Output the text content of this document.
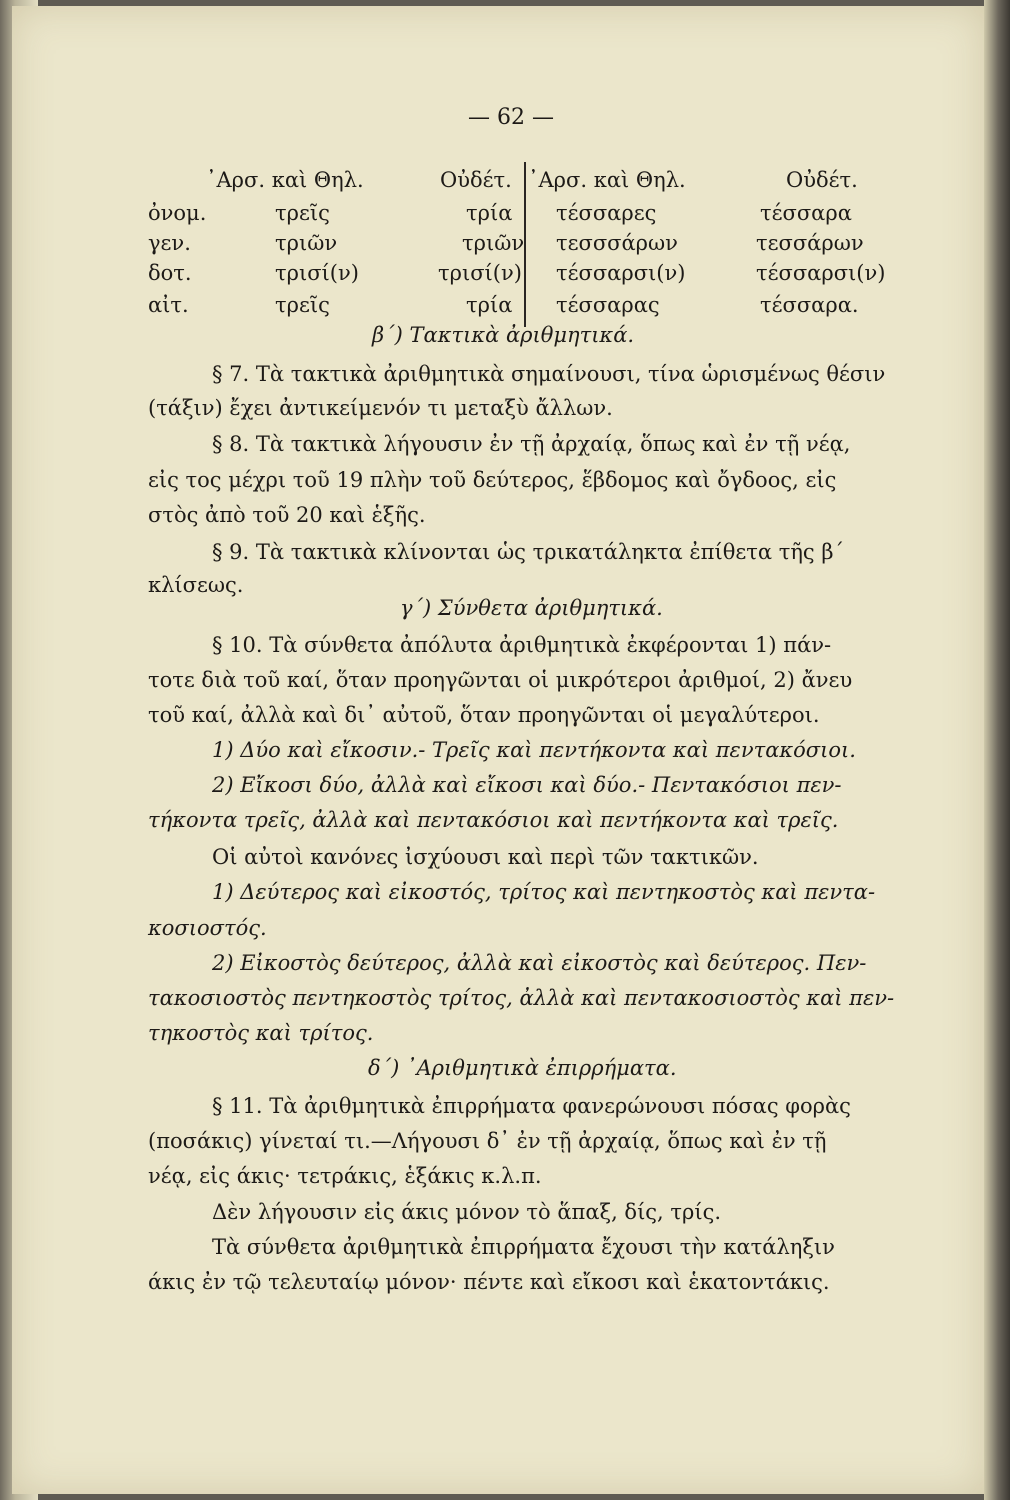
— 62 —
᾿Αρσ. καὶ Θηλ.	Οὐδέτ. ᾿Αρσ. καὶ Θηλ.	Οὐδέτ.
ὀνομ.	τρεῖς	τρία τέσσαρες	τέσσαρα
γεν.	τριῶν	τριῶν τεσσσάρων	τεσσάρων
δοτ.	τρισί(ν)	τρισί(ν) τέσσαρσι(ν)	τέσσαρσι(ν)
αἰτ.	τρεῖς	τρία τέσσαρας	τέσσαρα.
β΄) Τακτικὰ ἀριθμητικά.
§ 7. Τὰ τακτικὰ ἀριθμητικὰ σημαίνουσι, τίνα ὡρισμένως θέσιν
(τάξιν) ἔχει ἀντικείμενόν τι μεταξὺ ἄλλων.
§ 8. Τὰ τακτικὰ λήγουσιν ἐν τῇ ἀρχαίᾳ, ὅπως καὶ ἐν τῇ νέᾳ,
εἰς τος μέχρι τοῦ 19 πλὴν τοῦ δεύτερος, ἕβδομος καὶ ὄγδοος, εἰς
στὸς ἀπὸ τοῦ 20 καὶ ἑξῆς.
§ 9. Τὰ τακτικὰ κλίνονται ὡς τρικατάληκτα ἐπίθετα τῆς β΄
κλίσεως.
γ΄) Σύνθετα ἀριθμητικά.
§ 10. Τὰ σύνθετα ἀπόλυτα ἀριθμητικὰ ἐκφέρονται 1) πάν-
τοτε διὰ τοῦ καί, ὅταν προηγῶνται οἱ μικρότεροι ἀριθμοί, 2) ἄνευ
τοῦ καί, ἀλλὰ καὶ δι᾿ αὐτοῦ, ὅταν προηγῶνται οἱ μεγαλύτεροι.
1) Δύο καὶ εἴκοσιν.- Τρεῖς καὶ πεντήκοντα καὶ πεντακόσιοι.
2) Εἴκοσι δύο, ἀλλὰ καὶ εἴκοσι καὶ δύο.- Πεντακόσιοι πεν-
τήκοντα τρεῖς, ἀλλὰ καὶ πεντακόσιοι καὶ πεντήκοντα καὶ τρεῖς.
Οἱ αὐτοὶ κανόνες ἰσχύουσι καὶ περὶ τῶν τακτικῶν.
1) Δεύτερος καὶ εἰκοστός, τρίτος καὶ πεντηκοστὸς καὶ πεντα-
κοσιοστός.
2) Εἰκοστὸς δεύτερος, ἀλλὰ καὶ εἰκοστὸς καὶ δεύτερος. Πεν-
τακοσιοστὸς πεντηκοστὸς τρίτος, ἀλλὰ καὶ πεντακοσιοστὸς καὶ πεν-
τηκοστὸς καὶ τρίτος.
δ΄) ᾿Αριθμητικὰ ἐπιρρήματα.
§ 11. Τὰ ἀριθμητικὰ ἐπιρρήματα φανερώνουσι πόσας φορὰς
(ποσάκις) γίνεταί τι.—Λήγουσι δ᾿ ἐν τῇ ἀρχαίᾳ, ὅπως καὶ ἐν τῇ
νέᾳ, εἰς άκις· τετράκις, ἑξάκις κ.λ.π.
Δὲν λήγουσιν εἰς άκις μόνον τὸ ἅπαξ, δίς, τρίς.
Τὰ σύνθετα ἀριθμητικὰ ἐπιρρήματα ἔχουσι τὴν κατάληξιν
άκις ἐν τῷ τελευταίῳ μόνον· πέντε καὶ εἴκοσι καὶ ἑκατοντάκις.
